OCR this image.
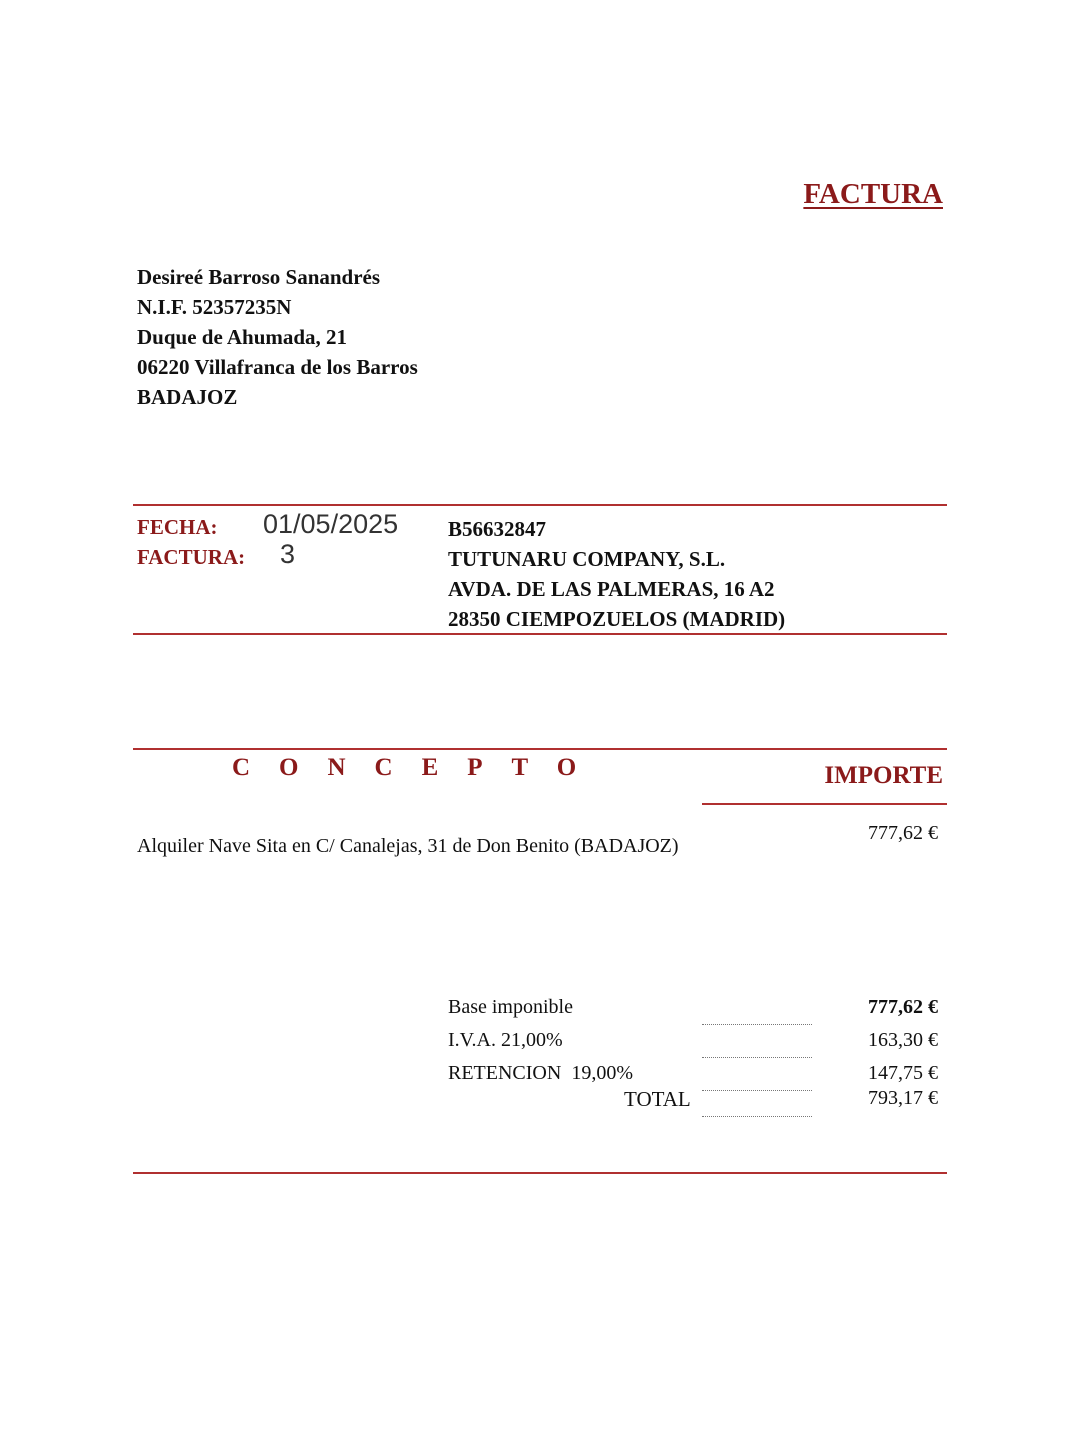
FACTURA
Desireé Barroso Sanandrés
N.I.F. 52357235N
Duque de Ahumada, 21
06220 Villafranca de los Barros
BADAJOZ
FECHA: 01/05/2025
FACTURA: 3
B56632847
TUTUNARU COMPANY, S.L.
AVDA. DE LAS PALMERAS, 16 A2
28350 CIEMPOZUELOS (MADRID)
CONCEPTO	IMPORTE
Alquiler Nave Sita en C/ Canalejas, 31 de Don Benito (BADAJOZ)
777,62 €
Base imponible	777,62 €
I.V.A. 21,00%	163,30 €
RETENCION  19,00%	147,75 €
TOTAL	793,17 €
